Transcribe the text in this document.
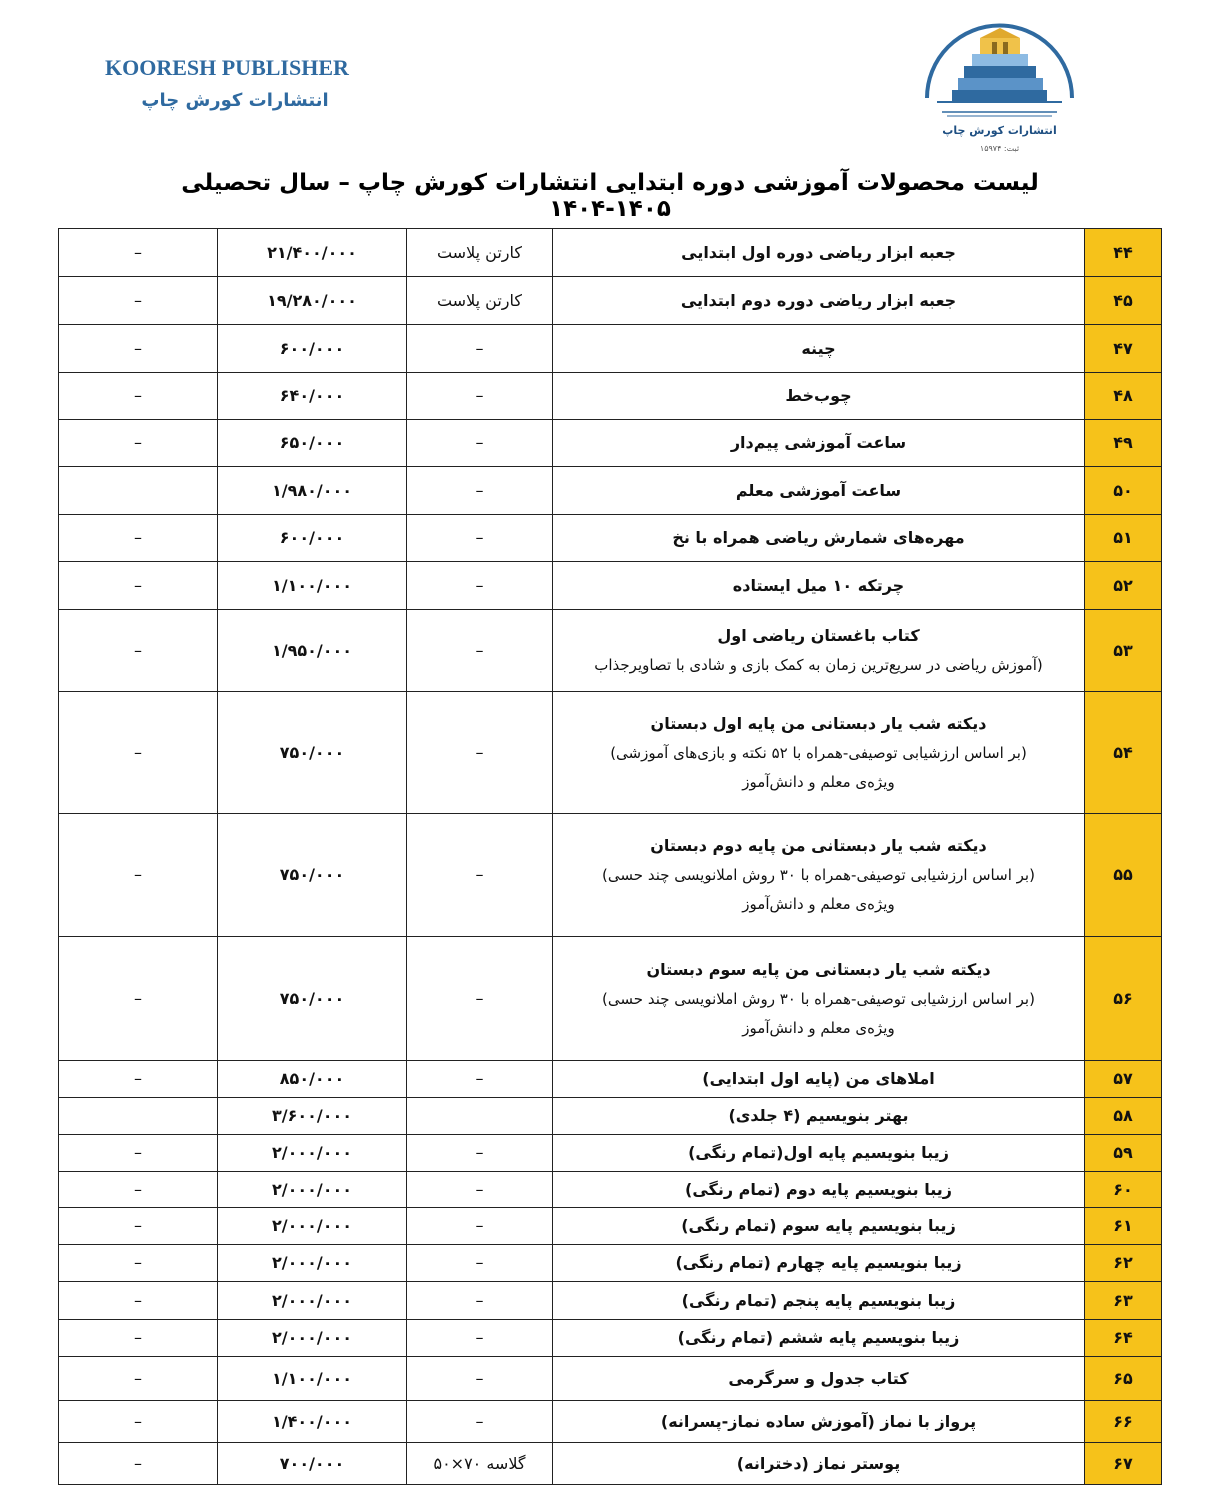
KOORESH PUBLISHER
انتشارات کورش چاپ
انتشارات کورش چاپ
ثبت: ۱۵۹۷۴
لیست محصولات آموزشی دوره ابتدایی انتشارات کورش چاپ – سال تحصیلی ۱۴۰۵-۱۴۰۴
۴۴	جعبه ابزار ریاضی دوره اول ابتدایی	کارتن پلاست	۲۱/۴۰۰/۰۰۰	–
۴۵	جعبه ابزار ریاضی دوره دوم ابتدایی	کارتن پلاست	۱۹/۲۸۰/۰۰۰	–
۴۷	چینه	–	۶۰۰/۰۰۰	–
۴۸	چوب‌خط	–	۶۴۰/۰۰۰	–
۴۹	ساعت آموزشی پیم‌دار	–	۶۵۰/۰۰۰	–
۵۰	ساعت آموزشی معلم	–	۱/۹۸۰/۰۰۰	
۵۱	مهره‌های شمارش ریاضی همراه با نخ	–	۶۰۰/۰۰۰	–
۵۲	چرتکه ۱۰ میل ایستاده	–	۱/۱۰۰/۰۰۰	–
۵۳	کتاب باغستان ریاضی اول
(آموزش ریاضی در سریع‌ترین زمان به کمک بازی و شادی با تصاویرجذاب	–	۱/۹۵۰/۰۰۰	–
۵۴	دیکته شب یار دبستانی من پایه اول دبستان
(بر اساس ارزشیابی توصیفی-همراه با ۵۲ نکته و بازی‌های آموزشی)
ویژه‌ی معلم و دانش‌آموز	–	۷۵۰/۰۰۰	–
۵۵	دیکته شب یار دبستانی من پایه دوم دبستان
(بر اساس ارزشیابی توصیفی-همراه با ۳۰ روش املانویسی چند حسی)
ویژه‌ی معلم و دانش‌آموز	–	۷۵۰/۰۰۰	–
۵۶	دیکته شب یار دبستانی من پایه سوم دبستان
(بر اساس ارزشیابی توصیفی-همراه با ۳۰ روش املانویسی چند حسی)
ویژه‌ی معلم و دانش‌آموز	–	۷۵۰/۰۰۰	–
۵۷	املاهای من (پایه اول ابتدایی)	–	۸۵۰/۰۰۰	–
۵۸	بهتر بنویسیم (۴ جلدی)		۳/۶۰۰/۰۰۰	
۵۹	زیبا بنویسیم پایه اول(تمام رنگی)	–	۲/۰۰۰/۰۰۰	–
۶۰	زیبا بنویسیم پایه دوم (تمام رنگی)	–	۲/۰۰۰/۰۰۰	–
۶۱	زیبا بنویسیم پایه سوم (تمام رنگی)	–	۲/۰۰۰/۰۰۰	–
۶۲	زیبا بنویسیم پایه چهارم (تمام رنگی)	–	۲/۰۰۰/۰۰۰	–
۶۳	زیبا بنویسیم پایه پنجم (تمام رنگی)	–	۲/۰۰۰/۰۰۰	–
۶۴	زیبا بنویسیم پایه ششم (تمام رنگی)	–	۲/۰۰۰/۰۰۰	–
۶۵	کتاب جدول و سرگرمی	–	۱/۱۰۰/۰۰۰	–
۶۶	پرواز با نماز (آموزش ساده نماز-پسرانه)	–	۱/۴۰۰/۰۰۰	–
۶۷	پوستر نماز (دخترانه)	گلاسه ۷۰×۵۰	۷۰۰/۰۰۰	–
